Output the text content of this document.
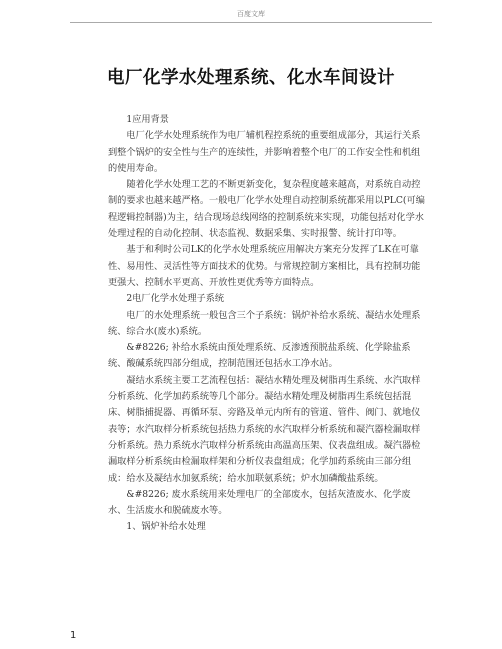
百度文库
电厂化学水处理系统、化水车间设计

1应用背景

电厂化学水处理系统作为电厂辅机程控系统的重要组成部分，其运行关系到整个锅炉的安全性与生产的连续性，并影响着整个电厂的工作安全性和机组的使用寿命。

随着化学水处理工艺的不断更新变化，复杂程度越来越高，对系统自动控制的要求也越来越严格。一般电厂化学水处理自动控制系统都采用以PLC(可编程逻辑控制器)为主，结合现场总线网络的控制系统来实现，功能包括对化学水处理过程的自动化控制、状态监视、数据采集、实时报警、统计打印等。

基于和利时公司LK的化学水处理系统应用解决方案充分发挥了LK在可靠性、易用性、灵活性等方面技术的优势。与常规控制方案相比，具有控制功能更强大、控制水平更高、开放性更优秀等方面特点。

2电厂化学水处理子系统

电厂的水处理系统一般包含三个子系统：锅炉补给水系统、凝结水处理系统、综合水(废水)系统。

&#8226; 补给水系统由预处理系统、反渗透预脱盐系统、化学除盐系统、酸碱系统四部分组成，控制范围还包括水工净水站。

凝结水系统主要工艺流程包括：凝结水精处理及树脂再生系统、水汽取样分析系统、化学加药系统等几个部分。凝结水精处理及树脂再生系统包括混床、树脂捕捉器、再循环泵、旁路及单元内所有的管道、管件、阀门、就地仪表等；水汽取样分析系统包括热力系统的水汽取样分析系统和凝汽器检漏取样分析系统。热力系统水汽取样分析系统由高温高压架、仪表盘组成。凝汽器检漏取样分析系统由检漏取样架和分析仪表盘组成；化学加药系统由三部分组成：给水及凝结水加氨系统；给水加联氨系统；炉水加磷酸盐系统。

&#8226; 废水系统用来处理电厂的全部废水，包括灰渣废水、化学废水、生活废水和脱硫废水等。

1、锅炉补给水处理

1
